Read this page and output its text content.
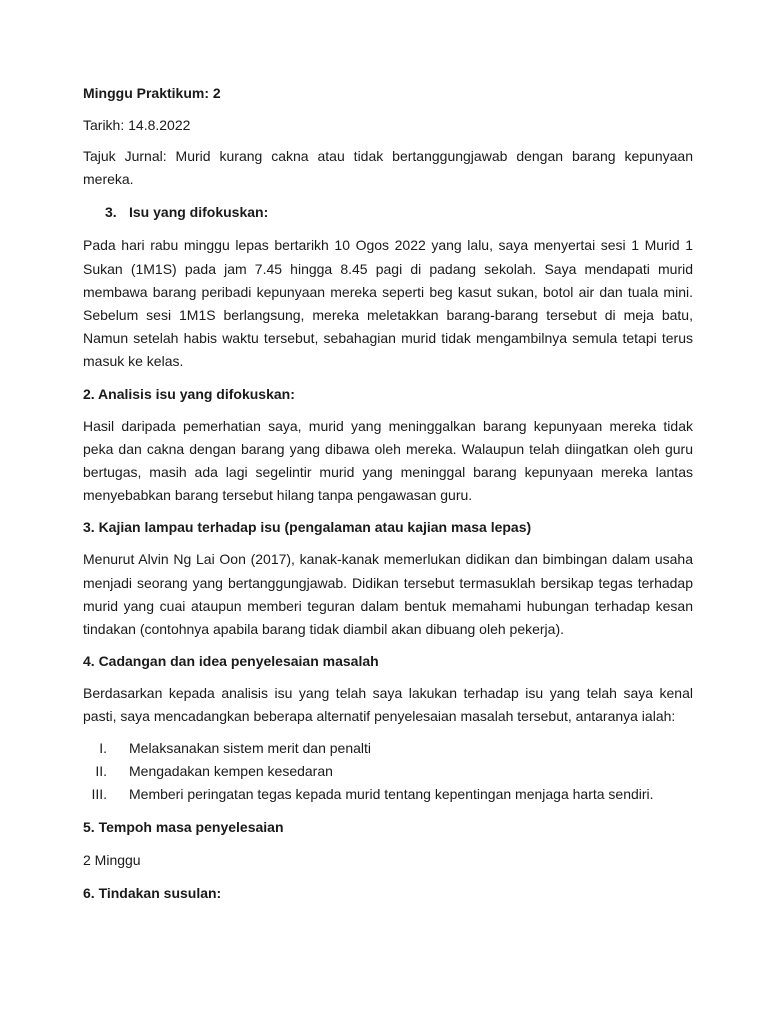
Minggu Praktikum: 2

Tarikh: 14.8.2022

Tajuk Jurnal: Murid kurang cakna atau tidak bertanggungjawab dengan barang kepunyaan mereka.

3. Isu yang difokuskan:

Pada hari rabu minggu lepas bertarikh 10 Ogos 2022 yang lalu, saya menyertai sesi 1 Murid 1 Sukan (1M1S) pada jam 7.45 hingga 8.45 pagi di padang sekolah. Saya mendapati murid membawa barang peribadi kepunyaan mereka seperti beg kasut sukan, botol air dan tuala mini. Sebelum sesi 1M1S berlangsung, mereka meletakkan barang-barang tersebut di meja batu, Namun setelah habis waktu tersebut, sebahagian murid tidak mengambilnya semula tetapi terus masuk ke kelas.

2. Analisis isu yang difokuskan:

Hasil daripada pemerhatian saya, murid yang meninggalkan barang kepunyaan mereka tidak peka dan cakna dengan barang yang dibawa oleh mereka. Walaupun telah diingatkan oleh guru bertugas, masih ada lagi segelintir murid yang meninggal barang kepunyaan mereka lantas menyebabkan barang tersebut hilang tanpa pengawasan guru.

3. Kajian lampau terhadap isu (pengalaman atau kajian masa lepas)

Menurut Alvin Ng Lai Oon (2017), kanak-kanak memerlukan didikan dan bimbingan dalam usaha menjadi seorang yang bertanggungjawab. Didikan tersebut termasuklah bersikap tegas terhadap murid yang cuai ataupun memberi teguran dalam bentuk memahami hubungan terhadap kesan tindakan (contohnya apabila barang tidak diambil akan dibuang oleh pekerja).

4. Cadangan dan idea penyelesaian masalah

Berdasarkan kepada analisis isu yang telah saya lakukan terhadap isu yang telah saya kenal pasti, saya mencadangkan beberapa alternatif penyelesaian masalah tersebut, antaranya ialah:

I. Melaksanakan sistem merit dan penalti
II. Mengadakan kempen kesedaran
III. Memberi peringatan tegas kepada murid tentang kepentingan menjaga harta sendiri.

5. Tempoh masa penyelesaian

2 Minggu

6. Tindakan susulan:
